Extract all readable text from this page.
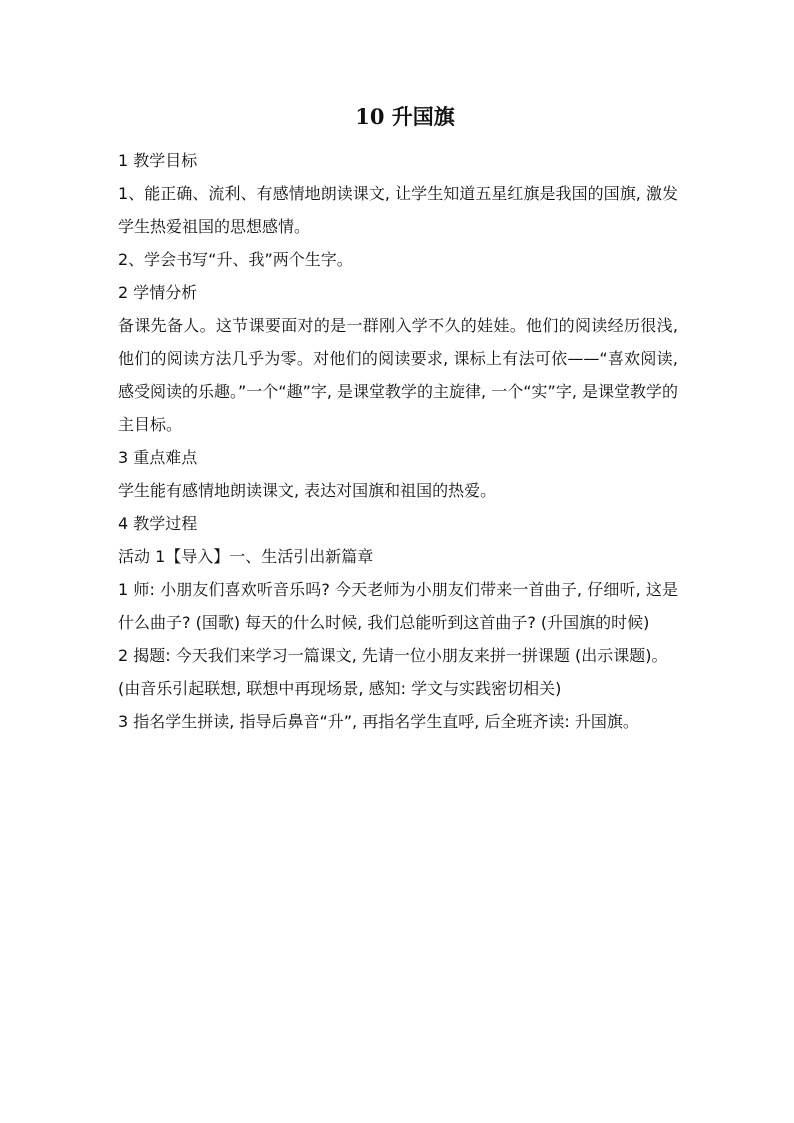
10 升国旗
1 教学目标
1、能正确、流利、有感情地朗读课文, 让学生知道五星红旗是我国的国旗, 激发学生热爱祖国的思想感情。
2、学会书写“升、我”两个生字。
2 学情分析
备课先备人。这节课要面对的是一群刚入学不久的娃娃。他们的阅读经历很浅, 他们的阅读方法几乎为零。对他们的阅读要求, 课标上有法可依——“喜欢阅读, 感受阅读的乐趣。”一个“趣”字, 是课堂教学的主旋律, 一个“实”字, 是课堂教学的主目标。
3 重点难点
学生能有感情地朗读课文, 表达对国旗和祖国的热爱。
4 教学过程
活动 1【导入】一、生活引出新篇章
1 师: 小朋友们喜欢听音乐吗? 今天老师为小朋友们带来一首曲子, 仔细听, 这是什么曲子? (国歌) 每天的什么时候, 我们总能听到这首曲子? (升国旗的时候)
2 揭题: 今天我们来学习一篇课文, 先请一位小朋友来拼一拼课题 (出示课题)。
(由音乐引起联想, 联想中再现场景, 感知: 学文与实践密切相关)
3 指名学生拼读, 指导后鼻音“升”, 再指名学生直呼, 后全班齐读: 升国旗。
